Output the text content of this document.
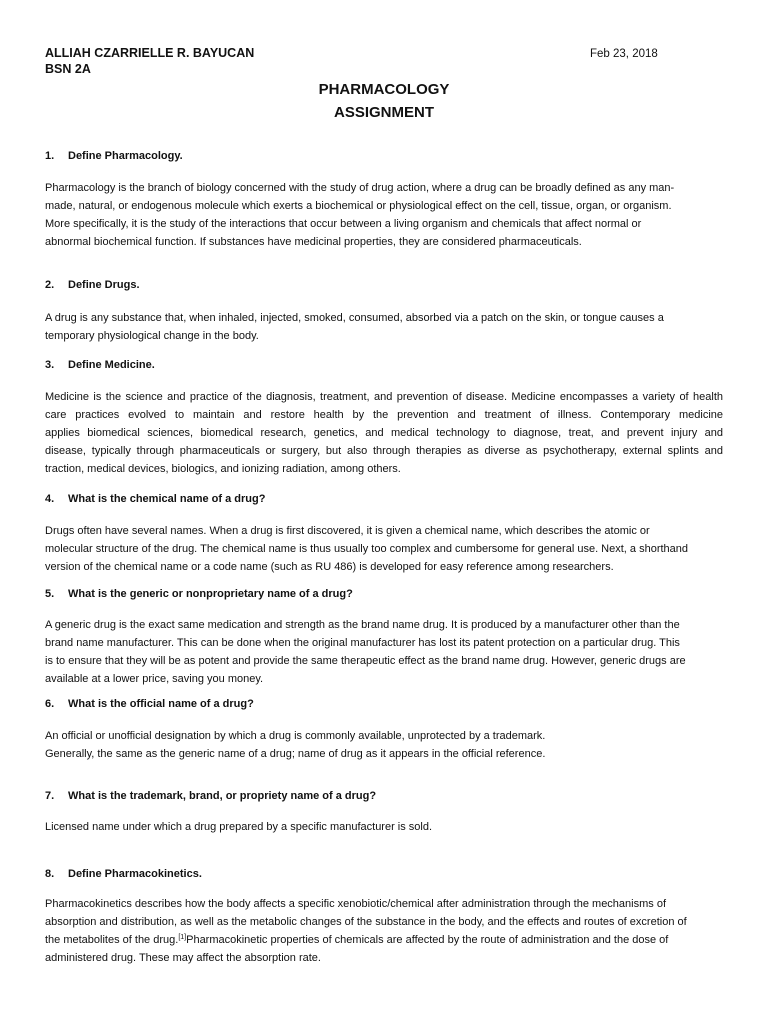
ALLIAH CZARRIELLE R. BAYUCAN
BSN 2A
Feb 23, 2018
PHARMACOLOGY
ASSIGNMENT
1. Define Pharmacology.
Pharmacology is the branch of biology concerned with the study of drug action, where a drug can be broadly defined as any man-
made, natural, or endogenous molecule which exerts a biochemical or physiological effect on the cell, tissue, organ, or organism.
More specifically, it is the study of the interactions that occur between a living organism and chemicals that affect normal or
abnormal biochemical function. If substances have medicinal properties, they are considered pharmaceuticals.
2. Define Drugs.
A drug is any substance that, when inhaled, injected, smoked, consumed, absorbed via a patch on the skin, or tongue causes a
temporary physiological change in the body.
3. Define Medicine.
Medicine is the science and practice of the diagnosis, treatment, and prevention of disease. Medicine encompasses a variety of health
care practices evolved to maintain and restore health by the prevention and treatment of illness. Contemporary medicine
applies biomedical sciences, biomedical research, genetics, and medical technology to diagnose, treat, and prevent injury and
disease, typically through pharmaceuticals or surgery, but also through therapies as diverse as psychotherapy, external splints and
traction, medical devices, biologics, and ionizing radiation, among others.
4. What is the chemical name of a drug?
Drugs often have several names. When a drug is first discovered, it is given a chemical name, which describes the atomic or
molecular structure of the drug. The chemical name is thus usually too complex and cumbersome for general use. Next, a shorthand
version of the chemical name or a code name (such as RU 486) is developed for easy reference among researchers.
5. What is the generic or nonproprietary name of a drug?
A generic drug is the exact same medication and strength as the brand name drug. It is produced by a manufacturer other than the
brand name manufacturer. This can be done when the original manufacturer has lost its patent protection on a particular drug. This
is to ensure that they will be as potent and provide the same therapeutic effect as the brand name drug. However, generic drugs are
available at a lower price, saving you money.
6. What is the official name of a drug?
An official or unofficial designation by which a drug is commonly available, unprotected by a trademark.
Generally, the same as the generic name of a drug; name of drug as it appears in the official reference.
7. What is the trademark, brand, or propriety name of a drug?
Licensed name under which a drug prepared by a specific manufacturer is sold.
8. Define Pharmacokinetics.
Pharmacokinetics describes how the body affects a specific xenobiotic/chemical after administration through the mechanisms of
absorption and distribution, as well as the metabolic changes of the substance in the body, and the effects and routes of excretion of
the metabolites of the drug.[1]Pharmacokinetic properties of chemicals are affected by the route of administration and the dose of
administered drug. These may affect the absorption rate.
